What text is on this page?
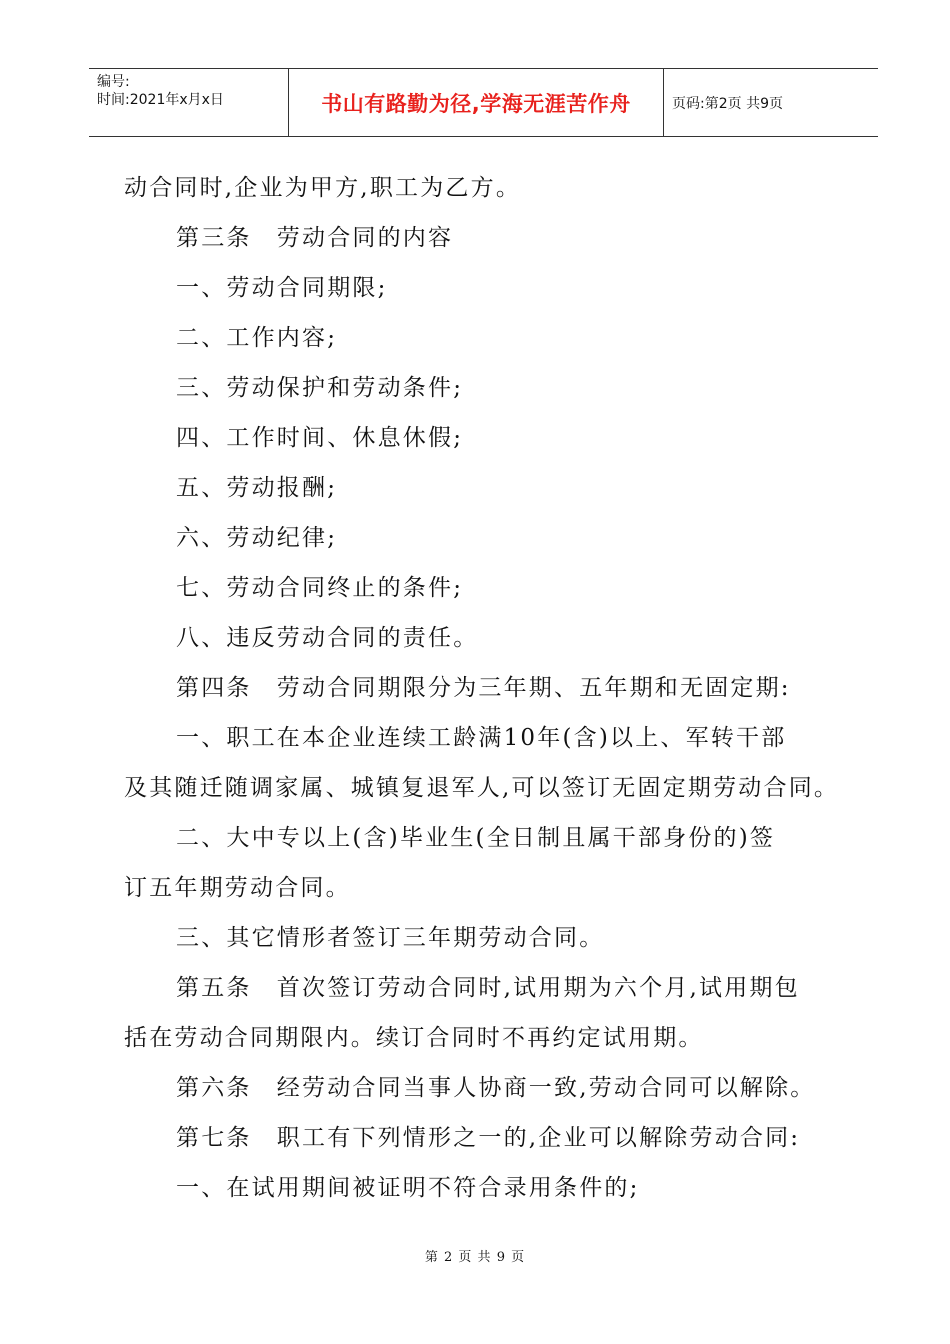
编号:
时间:2021年x月x日	书山有路勤为径,学海无涯苦作舟	页码:第2页 共9页
动合同时,企业为甲方,职工为乙方。
第三条　劳动合同的内容
一、劳动合同期限;
二、工作内容;
三、劳动保护和劳动条件;
四、工作时间、休息休假;
五、劳动报酬;
六、劳动纪律;
七、劳动合同终止的条件;
八、违反劳动合同的责任。
第四条　劳动合同期限分为三年期、五年期和无固定期:
一、职工在本企业连续工龄满10年(含)以上、军转干部
及其随迁随调家属、城镇复退军人,可以签订无固定期劳动合同。
二、大中专以上(含)毕业生(全日制且属干部身份的)签
订五年期劳动合同。
三、其它情形者签订三年期劳动合同。
第五条　首次签订劳动合同时,试用期为六个月,试用期包
括在劳动合同期限内。续订合同时不再约定试用期。
第六条　经劳动合同当事人协商一致,劳动合同可以解除。
第七条　职工有下列情形之一的,企业可以解除劳动合同:
一、在试用期间被证明不符合录用条件的;
第 2 页 共 9 页
